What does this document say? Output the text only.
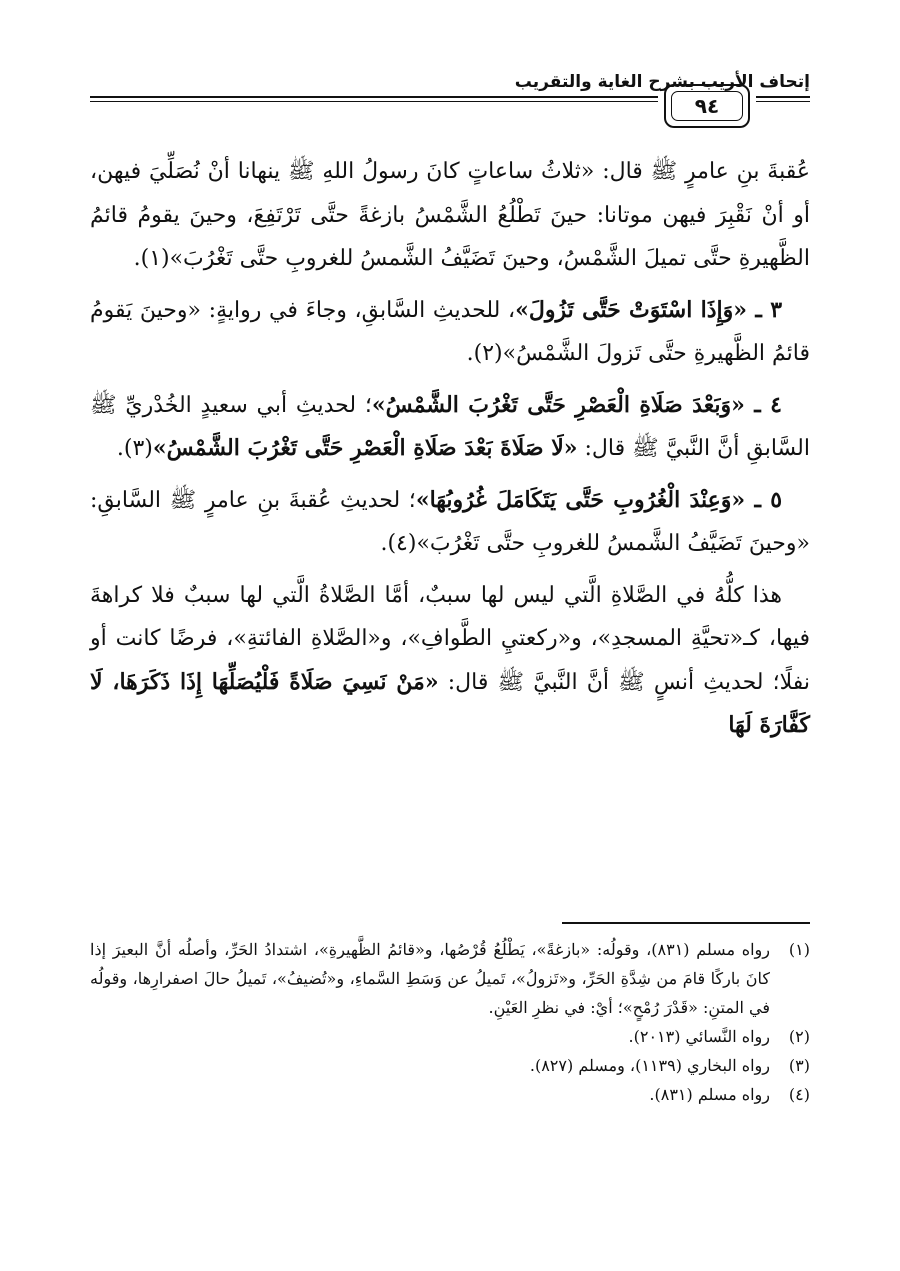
٩٤
إتحاف الأريب بشرح الغاية والتقريب

عُقبةَ بنِ عامرٍ ﷺ قال: «ثلاثُ ساعاتٍ كانَ رسولُ اللهِ ﷺ ينهانا أنْ نُصَلِّيَ فيهن، أو أنْ نَقْبِرَ فيهن موتانا: حينَ تَطْلُعُ الشَّمْسُ بازغةً حتَّى تَرْتَفِعَ، وحينَ يقومُ قائمُ الظَّهيرةِ حتَّى تميلَ الشَّمْسُ، وحينَ تَضَيَّفُ الشَّمسُ للغروبِ حتَّى تَغْرُبَ»(١).

٣ ـ «وَإِذَا اسْتَوَتْ حَتَّى تَزُولَ»، للحديثِ السَّابقِ، وجاءَ في روايةٍ: «وحينَ يَقومُ قائمُ الظَّهيرةِ حتَّى تَزولَ الشَّمْسُ»(٢).

٤ ـ «وَبَعْدَ صَلَاةِ الْعَصْرِ حَتَّى تَغْرُبَ الشَّمْسُ»؛ لحديثِ أبي سعيدٍ الخُدْريِّ ﷺ السَّابقِ أنَّ النَّبيَّ ﷺ قال: «لَا صَلَاةَ بَعْدَ صَلَاةِ الْعَصْرِ حَتَّى تَغْرُبَ الشَّمْسُ»(٣).

٥ ـ «وَعِنْدَ الْغُرُوبِ حَتَّى يَتَكَامَلَ غُرُوبُهَا»؛ لحديثِ عُقبةَ بنِ عامرٍ ﷺ السَّابقِ: «وحينَ تَضَيَّفُ الشَّمسُ للغروبِ حتَّى تَغْرُبَ»(٤).

هذا كلُّهُ في الصَّلاةِ الَّتي ليس لها سببٌ، أمَّا الصَّلاةُ الَّتي لها سببٌ فلا كراهةَ فيها، كـ«تحيَّةِ المسجدِ»، و«ركعتيِ الطَّوافِ»، و«الصَّلاةِ الفائتةِ»، فرضًا كانت أو نفلًا؛ لحديثِ أنسٍ ﷺ أنَّ النَّبيَّ ﷺ قال: «مَنْ نَسِيَ صَلَاةً فَلْيُصَلِّهَا إِذَا ذَكَرَهَا، لَا كَفَّارَةَ لَهَا

(١)
رواه مسلم (٨٣١)، وقولُه: «بازغةً»، يَطْلُعُ قُرْصُها، و«قائمُ الظَّهيرةِ»، اشتدادُ الحَرِّ، وأصلُه أنَّ البعيرَ إذا كانَ باركًا قامَ من شِدَّةِ الحَرِّ، و«تَزولُ»، تَميلُ عن وَسَطِ السَّماءِ، و«تُضيفُ»، تَميلُ حالَ اصفرارِها، وقولُه في المتنِ: «قَدْرَ رُمْحٍ»؛ أيْ: في نظرِ العَيْنِ.
(٢)
رواه النَّسائي (٢٠١٣).
(٣)
رواه البخاري (١١٣٩)، ومسلم (٨٢٧).
(٤)
رواه مسلم (٨٣١).
